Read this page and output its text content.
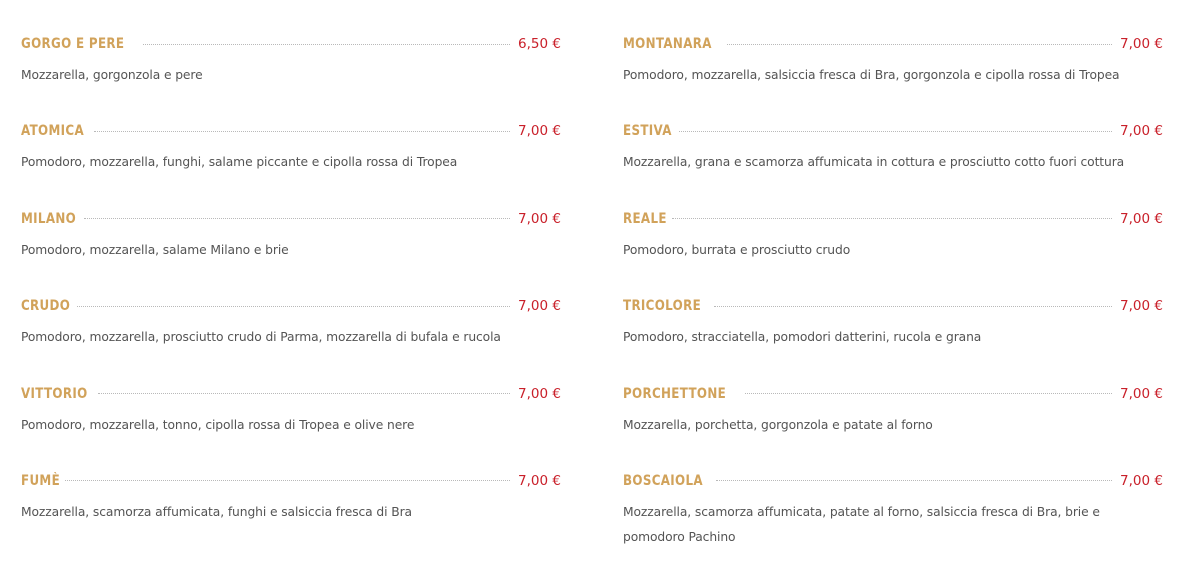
GORGO E PERE	6,50 €
Mozzarella, gorgonzola e pere
ATOMICA	7,00 €
Pomodoro, mozzarella, funghi, salame piccante e cipolla rossa di Tropea
MILANO	7,00 €
Pomodoro, mozzarella, salame Milano e brie
CRUDO	7,00 €
Pomodoro, mozzarella, prosciutto crudo di Parma, mozzarella di bufala e rucola
VITTORIO	7,00 €
Pomodoro, mozzarella, tonno, cipolla rossa di Tropea e olive nere
FUMÈ	7,00 €
Mozzarella, scamorza affumicata, funghi e salsiccia fresca di Bra
MONTANARA	7,00 €
Pomodoro, mozzarella, salsiccia fresca di Bra, gorgonzola e cipolla rossa di Tropea
ESTIVA	7,00 €
Mozzarella, grana e scamorza affumicata in cottura e prosciutto cotto fuori cottura
REALE	7,00 €
Pomodoro, burrata e prosciutto crudo
TRICOLORE	7,00 €
Pomodoro, stracciatella, pomodori datterini, rucola e grana
PORCHETTONE	7,00 €
Mozzarella, porchetta, gorgonzola e patate al forno
BOSCAIOLA	7,00 €
Mozzarella, scamorza affumicata, patate al forno, salsiccia fresca di Bra, brie e pomodoro Pachino
